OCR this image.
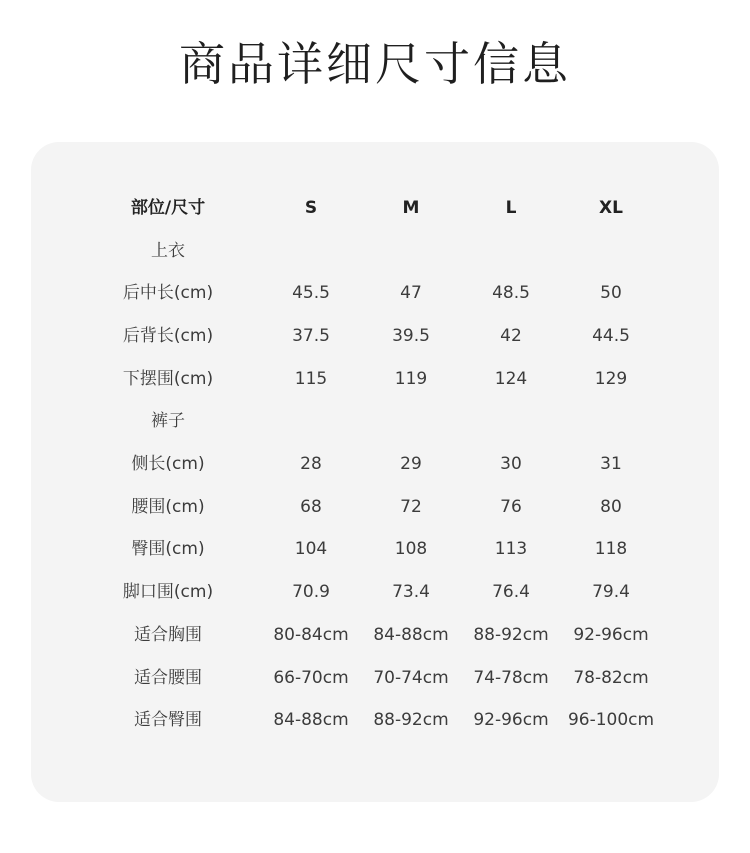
商品详细尺寸信息
部位/尺寸	S	M	L	XL
上衣
后中长(cm)	45.5	47	48.5	50
后背长(cm)	37.5	39.5	42	44.5
下摆围(cm)	115	119	124	129
裤子
侧长(cm)	28	29	30	31
腰围(cm)	68	72	76	80
臀围(cm)	104	108	113	118
脚口围(cm)	70.9	73.4	76.4	79.4
适合胸围	80-84cm	84-88cm	88-92cm	92-96cm
适合腰围	66-70cm	70-74cm	74-78cm	78-82cm
适合臀围	84-88cm	88-92cm	92-96cm	96-100cm
